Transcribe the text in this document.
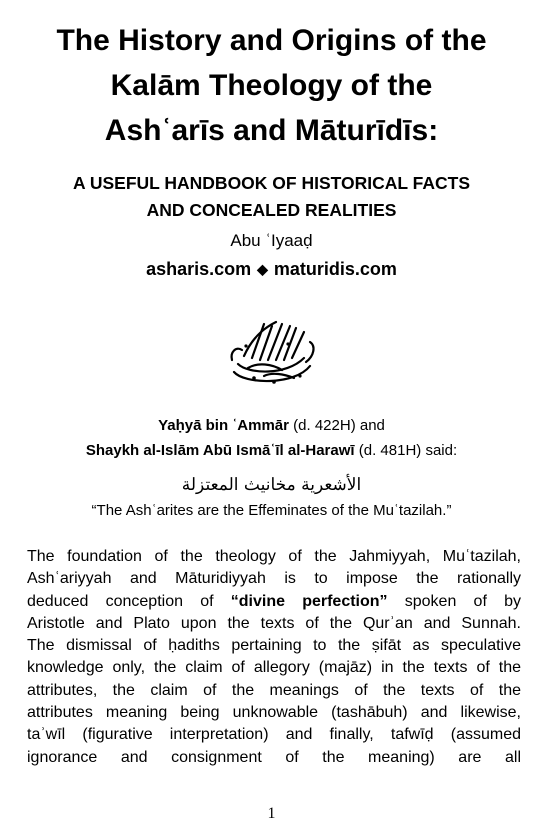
The History and Origins of the
Kalām Theology of the
Ashʿarīs and Māturīdīs:
A USEFUL HANDBOOK OF HISTORICAL FACTS
AND CONCEALED REALITIES
Abu ʿIyaaḍ
asharis.com ◆ maturidis.com
Yaḥyā bin ʿAmmār (d. 422H) and
Shaykh al-Islām Abū Ismāʿīl al-Harawī (d. 481H) said:
الأشعرية مخانيث المعتزلة
“The Ashʿarites are the Effeminates of the Muʿtazilah.”
The foundation of the theology of the Jahmiyyah, Muʿtazilah,
Ashʿariyyah and Māturidiyyah is to impose the rationally
deduced conception of “divine perfection” spoken of by
Aristotle and Plato upon the texts of the Qurʾan and Sunnah.
The dismissal of ḥadiths pertaining to the ṣifāt as speculative
knowledge only, the claim of allegory (majāz) in the texts of the
attributes, the claim of the meanings of the texts of the
attributes meaning being unknowable (tashābuh) and likewise,
taʾwīl (figurative interpretation) and finally, tafwīḍ (assumed
ignorance and consignment of the meaning) are all
1
